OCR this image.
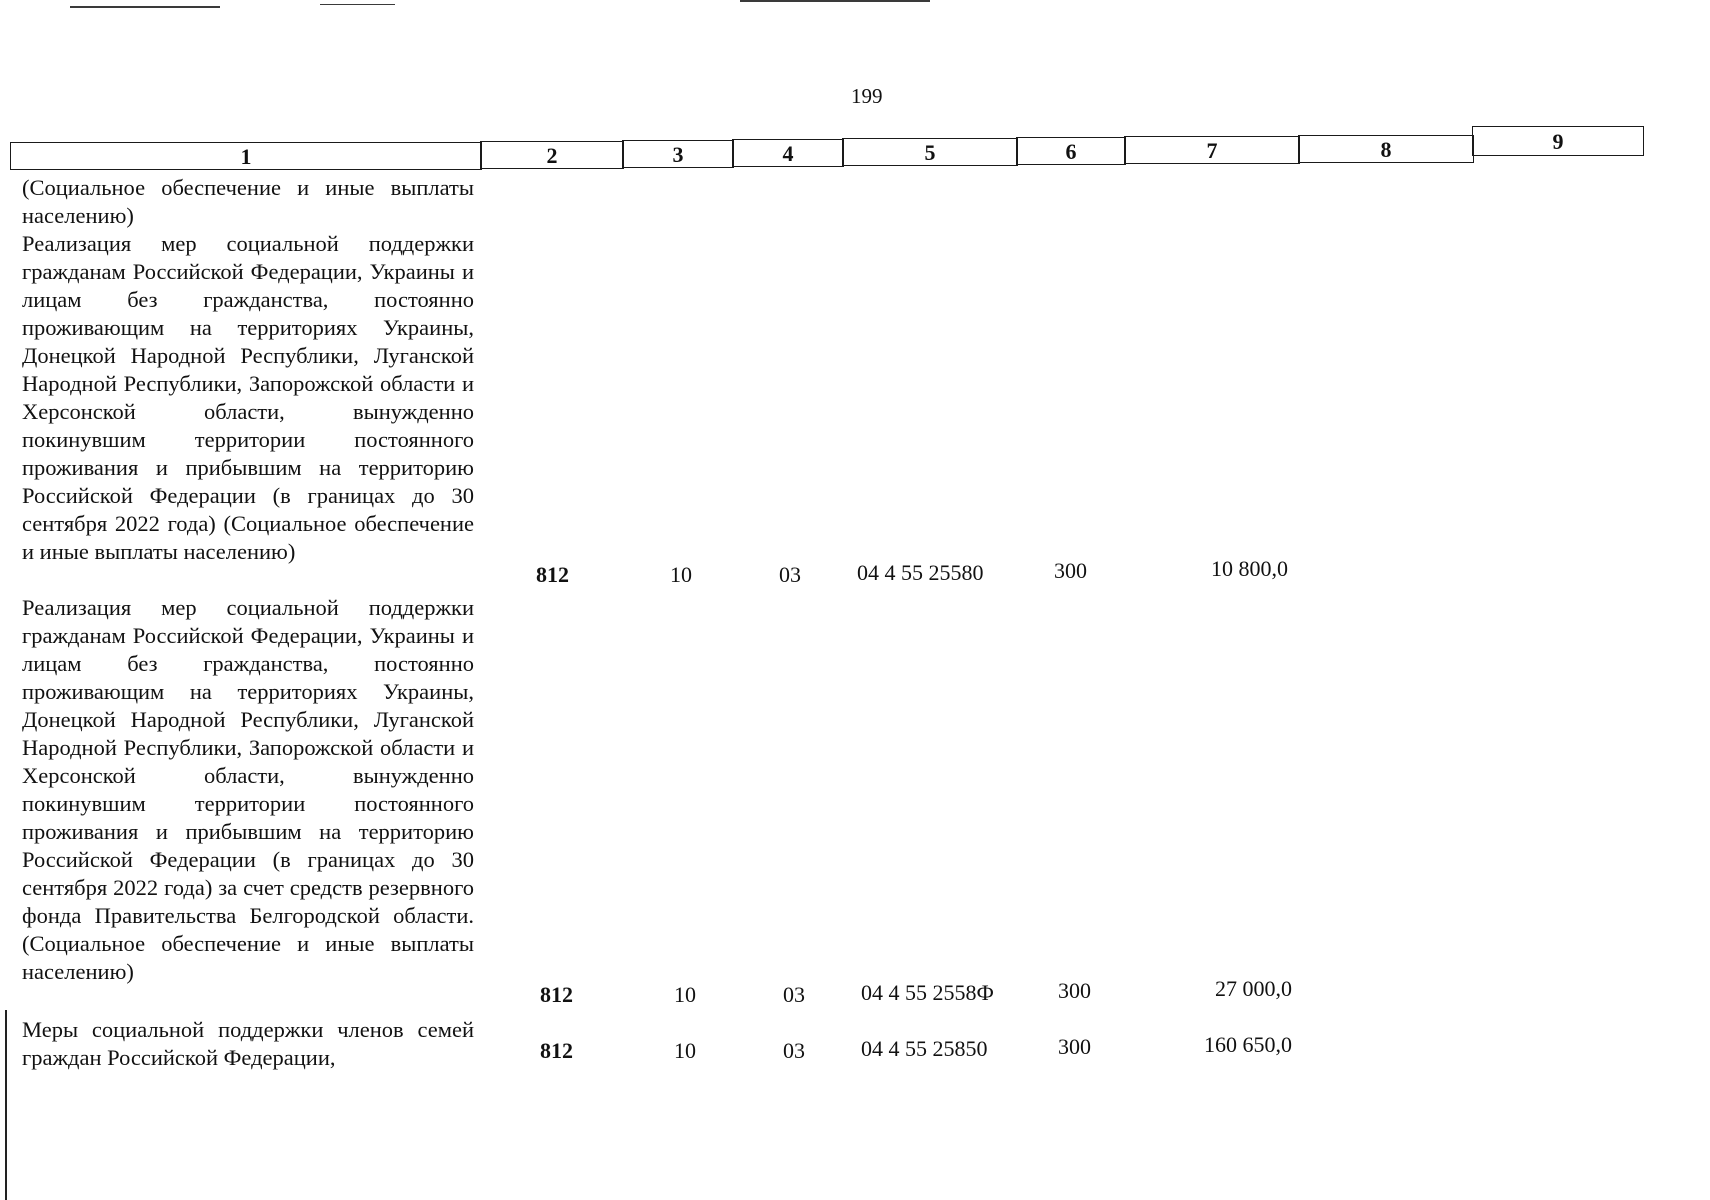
199
1	2	3	4	5	6	7	8	9

(Социальное обеспечение и иные выплаты населению)

Реализация мер социальной поддержки гражданам Российской Федерации, Украины и лицам без гражданства, постоянно проживающим на территориях Украины, Донецкой Народной Республики, Луганской Народной Республики, Запорожской области и Херсонской области, вынужденно покинувшим территории постоянного проживания и прибывшим на территорию Российской Федерации (в границах до 30 сентября 2022 года) (Социальное обеспечение и иные выплаты населению)

812	10	03	04 4 55 25580	300	10 800,0

Реализация мер социальной поддержки гражданам Российской Федерации, Украины и лицам без гражданства, постоянно проживающим на территориях Украины, Донецкой Народной Республики, Луганской Народной Республики, Запорожской области и Херсонской области, вынужденно покинувшим территории постоянного проживания и прибывшим на территорию Российской Федерации (в границах до 30 сентября 2022 года) за счет средств резервного фонда Правительства Белгородской области. (Социальное обеспечение и иные выплаты населению)

812	10	03	04 4 55 2558Ф	300	27 000,0

Меры социальной поддержки членов семей граждан Российской Федерации,	812	10	03	04 4 55 25850	300	160 650,0
